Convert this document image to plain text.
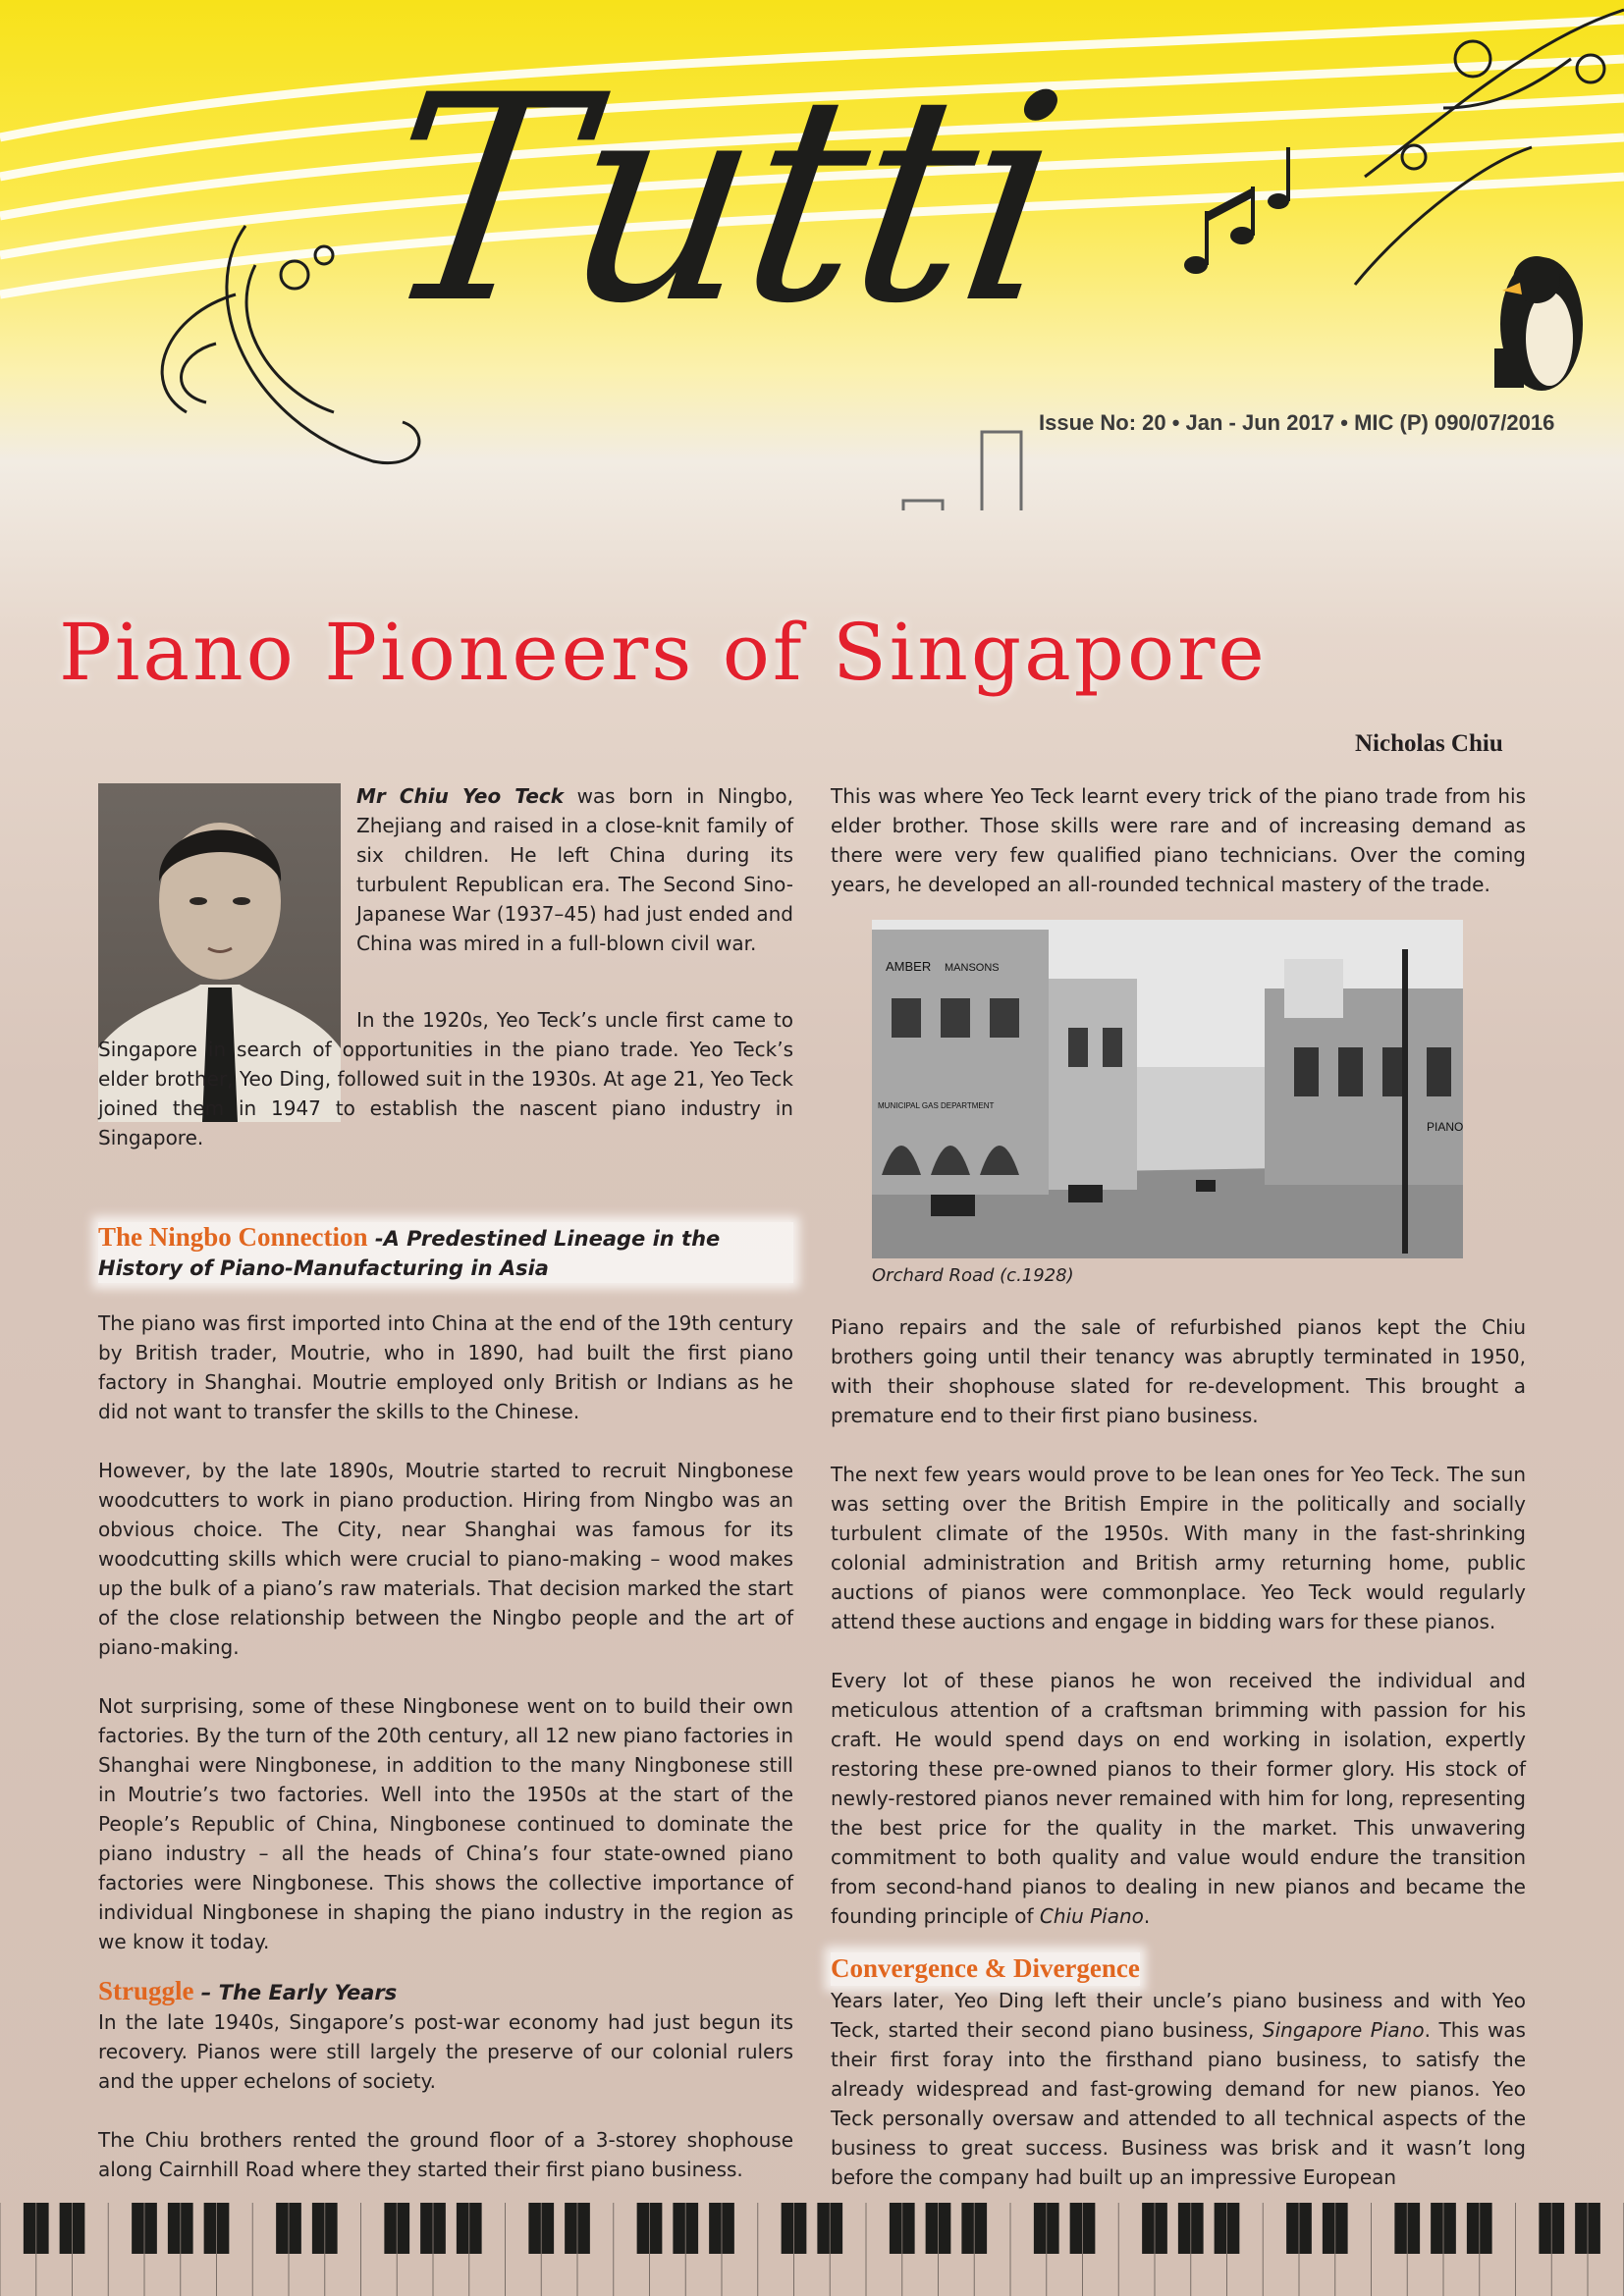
Tutti
Issue No: 20 • Jan - Jun 2017 • MIC (P) 090/07/2016
Piano Pioneers of Singapore
Nicholas Chiu

Mr Chiu Yeo Teck was born in Ningbo, Zhejiang and raised in a close-knit family of six children. He left China during its turbulent Republican era. The Second Sino-Japanese War (1937–45) had just ended and China was mired in a full-blown civil war.

In the 1920s, Yeo Teck’s uncle first came to Singapore in search of opportunities in the piano trade. Yeo Teck’s elder brother, Yeo Ding, followed suit in the 1930s. At age 21, Yeo Teck joined them in 1947 to establish the nascent piano industry in Singapore.

The Ningbo Connection -A Predestined Lineage in the History of Piano-Manufacturing in Asia

The piano was first imported into China at the end of the 19th century by British trader, Moutrie, who in 1890, had built the first piano factory in Shanghai. Moutrie employed only British or Indians as he did not want to transfer the skills to the Chinese.

However, by the late 1890s, Moutrie started to recruit Ningbonese woodcutters to work in piano production. Hiring from Ningbo was an obvious choice. The City, near Shanghai was famous for its woodcutting skills which were crucial to piano-making – wood makes up the bulk of a piano’s raw materials. That decision marked the start of the close relationship between the Ningbo people and the art of piano-making.

Not surprising, some of these Ningbonese went on to build their own factories. By the turn of the 20th century, all 12 new piano factories in Shanghai were Ningbonese, in addition to the many Ningbonese still in Moutrie’s two factories. Well into the 1950s at the start of the People’s Republic of China, Ningbonese continued to dominate the piano industry – all the heads of China’s four state-owned piano factories were Ningbonese. This shows the collective importance of individual Ningbonese in shaping the piano industry in the region as we know it today.

Struggle – The Early Years

In the late 1940s, Singapore’s post-war economy had just begun its recovery. Pianos were still largely the preserve of our colonial rulers and the upper echelons of society.

The Chiu brothers rented the ground floor of a 3-storey shophouse along Cairnhill Road where they started their first piano business.

This was where Yeo Teck learnt every trick of the piano trade from his elder brother. Those skills were rare and of increasing demand as there were very few qualified piano technicians. Over the coming years, he developed an all-rounded technical mastery of the trade.

AMBER MANSONS
MUNICIPAL GAS DEPARTMENT
PIANO
Orchard Road (c.1928)

Piano repairs and the sale of refurbished pianos kept the Chiu brothers going until their tenancy was abruptly terminated in 1950, with their shophouse slated for re-development. This brought a premature end to their first piano business.

The next few years would prove to be lean ones for Yeo Teck. The sun was setting over the British Empire in the politically and socially turbulent climate of the 1950s. With many in the fast-shrinking colonial administration and British army returning home, public auctions of pianos were commonplace. Yeo Teck would regularly attend these auctions and engage in bidding wars for these pianos.

Every lot of these pianos he won received the individual and meticulous attention of a craftsman brimming with passion for his craft. He would spend days on end working in isolation, expertly restoring these pre-owned pianos to their former glory. His stock of newly-restored pianos never remained with him for long, representing the best price for the quality in the market. This unwavering commitment to both quality and value would endure the transition from second-hand pianos to dealing in new pianos and became the founding principle of Chiu Piano.

Convergence & Divergence

Years later, Yeo Ding left their uncle’s piano business and with Yeo Teck, started their second piano business, Singapore Piano. This was their first foray into the firsthand piano business, to satisfy the already widespread and fast-growing demand for new pianos. Yeo Teck personally oversaw and attended to all technical aspects of the business to great success. Business was brisk and it wasn’t long before the company had built up an impressive European
